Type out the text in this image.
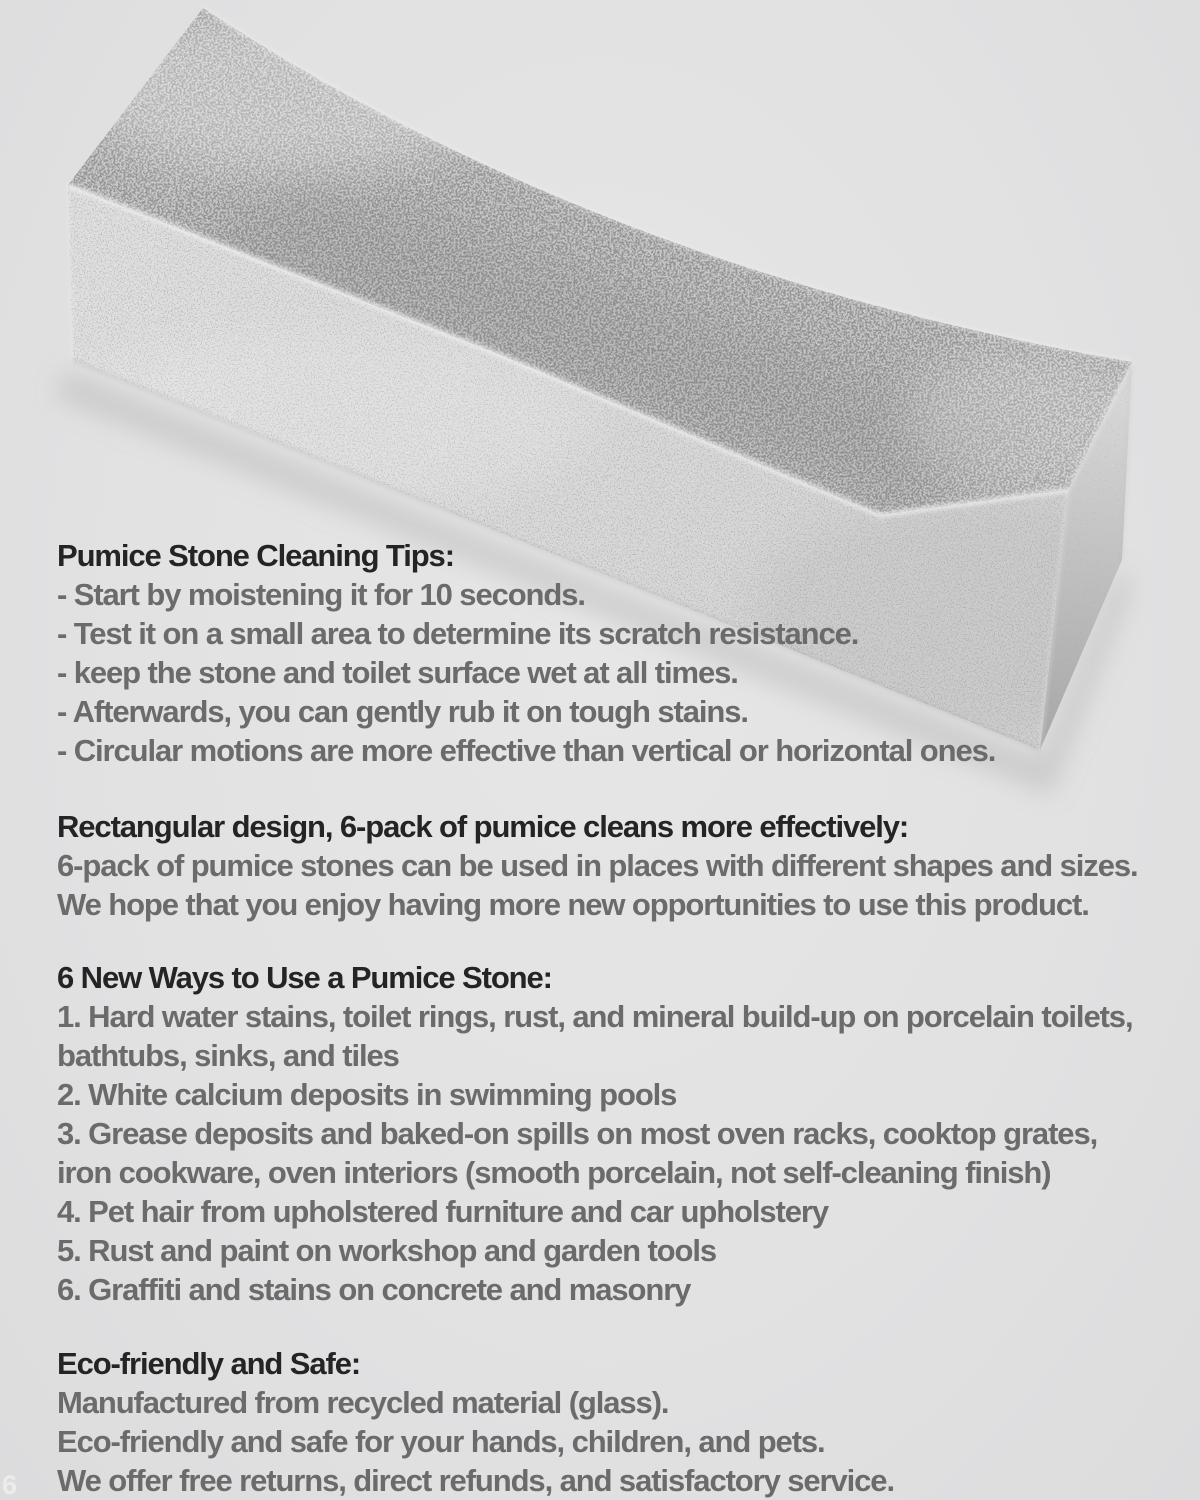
Pumice Stone Cleaning Tips:
- Start by moistening it for 10 seconds.
- Test it on a small area to determine its scratch resistance.
- keep the stone and toilet surface wet at all times.
- Afterwards, you can gently rub it on tough stains.
- Circular motions are more effective than vertical or horizontal ones.
Rectangular design, 6-pack of pumice cleans more effectively:
6-pack of pumice stones can be used in places with different shapes and sizes.
We hope that you enjoy having more new opportunities to use this product.
6 New Ways to Use a Pumice Stone:
1. Hard water stains, toilet rings, rust, and mineral build-up on porcelain toilets,
bathtubs, sinks, and tiles
2. White calcium deposits in swimming pools
3. Grease deposits and baked-on spills on most oven racks, cooktop grates,
iron cookware, oven interiors (smooth porcelain, not self-cleaning finish)
4. Pet hair from upholstered furniture and car upholstery
5. Rust and paint on workshop and garden tools
6. Graffiti and stains on concrete and masonry
Eco-friendly and Safe:
Manufactured from recycled material (glass).
Eco-friendly and safe for your hands, children, and pets.
We offer free returns, direct refunds, and satisfactory service.
6
